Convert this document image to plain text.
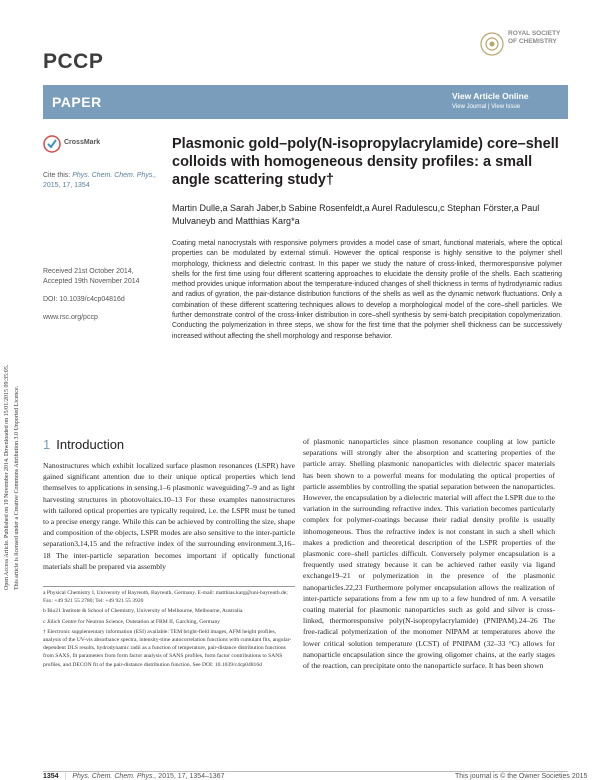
PCCP
ROYAL SOCIETY
OF CHEMISTRY
PAPER	View Article Online
View Journal | View Issue
CrossMark	Plasmonic gold–poly(N-isopropylacrylamide) core–shell colloids with homogeneous density profiles: a small angle scattering study†
Cite this: Phys. Chem. Chem. Phys.,
2015, 17, 1354
Martin Dulle,a Sarah Jaber,b Sabine Rosenfeldt,a Aurel Radulescu,c Stephan Förster,a Paul Mulvaneyb and Matthias Karg*a
Received 21st October 2014,
Accepted 19th November 2014
DOI: 10.1039/c4cp04816d
www.rsc.org/pccp
Coating metal nanocrystals with responsive polymers provides a model case of smart, functional materials, where the optical properties can be modulated by external stimuli. However the optical response is highly sensitive to the polymer shell morphology, thickness and dielectric contrast. In this paper we study the nature of cross-linked, thermoresponsive polymer shells for the first time using four different scattering approaches to elucidate the density profile of the shells. Each scattering method provides unique information about the temperature-induced changes of shell thickness in terms of hydrodynamic radius and radius of gyration, the pair-distance distribution functions of the shells as well as the dynamic network fluctuations. Only a combination of these different scattering techniques allows to develop a morphological model of the core–shell particles. We further demonstrate control of the cross-linker distribution in core–shell synthesis by semi-batch precipitation copolymerization. Conducting the polymerization in three steps, we show for the first time that the polymer shell thickness can be successively increased without affecting the shell morphology and response behavior.
1 Introduction
Nanostructures which exhibit localized surface plasmon resonances (LSPR) have gained significant attention due to their unique optical properties which lend themselves to applications in sensing,1–6 plasmonic waveguiding7–9 and as light harvesting structures in photovoltaics.10–13 For these examples nanostructures with tailored optical properties are typically required, i.e. the LSPR must be tuned to a precise energy range. While this can be achieved by controlling the size, shape and composition of the objects, LSPR modes are also sensitive to the inter-particle separation3,14,15 and the refractive index of the surrounding environment.3,16–18 The inter-particle separation becomes important if optically functional materials shall be prepared via assembly
of plasmonic nanoparticles since plasmon resonance coupling at low particle separations will strongly alter the absorption and scattering properties of the particle array. Shelling plasmonic nanoparticles with dielectric spacer materials has been shown to a powerful means for modulating the optical properties of particle assemblies by controlling the spatial separation between the nanoparticles. However, the encapsulation by a dielectric material will affect the LSPR due to the variation in the surrounding refractive index. This variation becomes particularly complex for polymer-coatings because their radial density profile is usually inhomogeneous. Thus the refractive index is not constant in such a shell which makes a prediction and theoretical description of the LSPR properties of the plasmonic core–shell particles difficult. Conversely polymer encapsulation is a frequently used strategy because it can be achieved rather easily via ligand exchange19–21 or polymerization in the presence of the plasmonic nanoparticles.22,23 Furthermore polymer encapsulation allows the realization of inter-particle separations from a few nm up to a few hundred of nm. A versatile coating material for plasmonic nanoparticles such as gold and silver is cross-linked, thermoresponsive poly(N-isopropylacrylamide) (PNIPAM).24–26 The free-radical polymerization of the monomer NIPAM at temperatures above the lower critical solution temperature (LCST) of PNIPAM (32–33 °C) allows for nanoparticle encapsulation since the growing oligomer chains, at the early stages of the reaction, can precipitate onto the nanoparticle surface. It has been shown
a Physical Chemistry I, University of Bayreuth, Bayreuth, Germany. E-mail: matthias.karg@uni-bayreuth.de; Fax: +49 921 55 2780; Tel: +49 921 55 3920
b Bio21 Institute & School of Chemistry, University of Melbourne, Melbourne, Australia
c Jülich Centre for Neutron Science, Outstation at FRM II, Garching, Germany
† Electronic supplementary information (ESI) available: TEM bright-field images, AFM height profiles, analysis of the UV-vis absorbance spectra, intensity-time autocorrelation functions with cumulant fits, angular-dependent DLS results, hydrodynamic radii as a function of temperature, pair-distance distribution functions from SAXS, fit parameters from form factor analysis of SANS profiles, form factor contributions to SANS profiles, and DECON fit of the pair-distance distribution function. See DOI: 10.1039/c4cp04816d
Open Access Article. Published on 19 November 2014. Downloaded on 15/01/2015 09:35:05. This article is licensed under a Creative Commons Attribution 3.0 Unported Licence.
1354 | Phys. Chem. Chem. Phys., 2015, 17, 1354–1367	This journal is © the Owner Societies 2015
